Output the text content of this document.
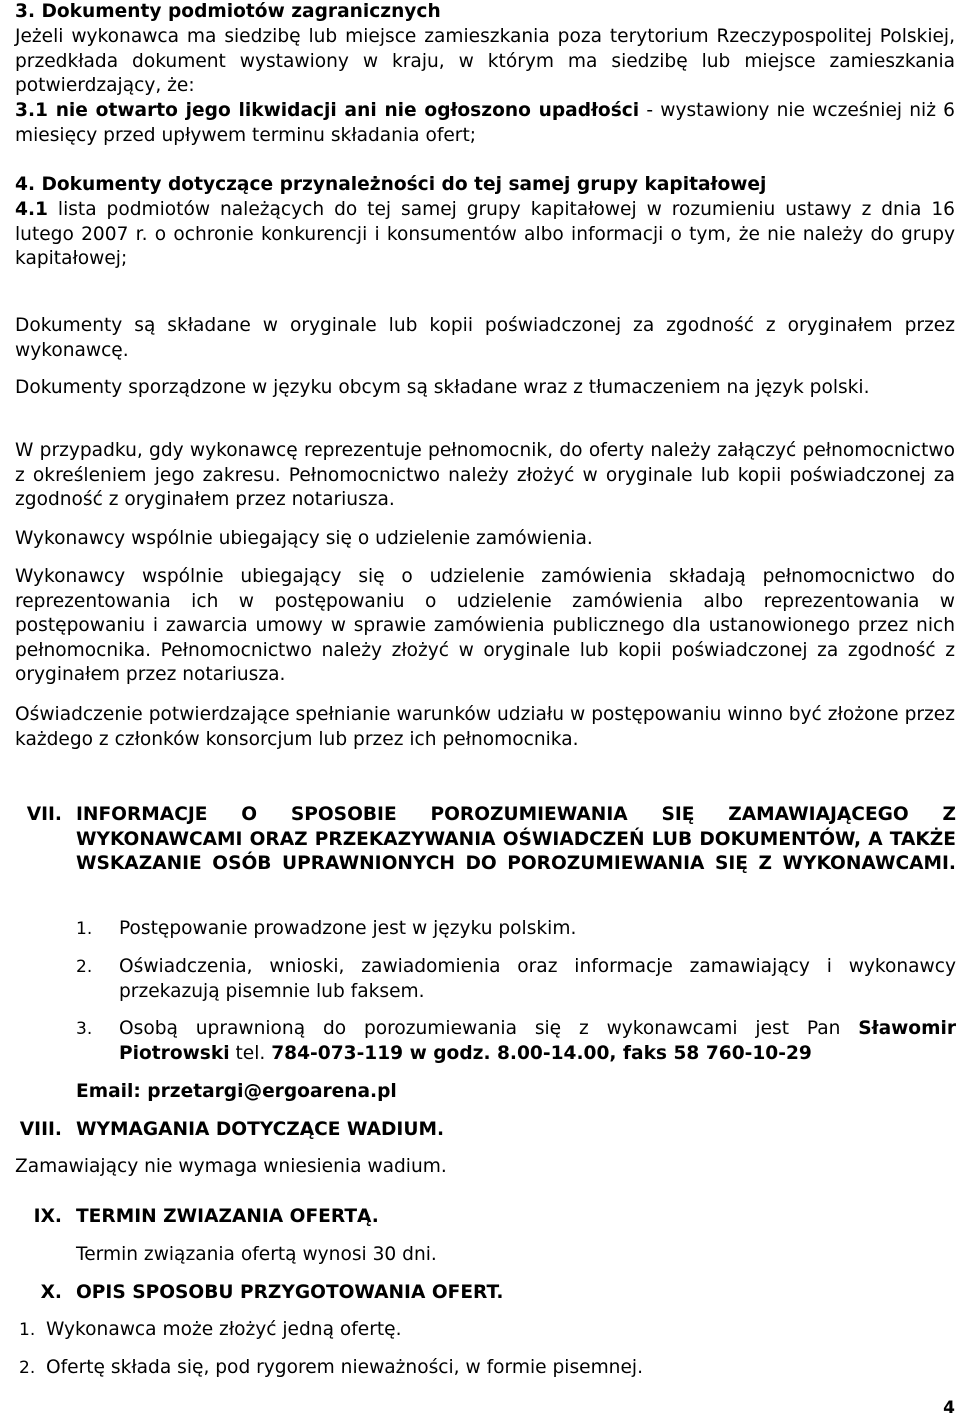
3. Dokumenty podmiotów zagranicznych

Jeżeli wykonawca ma siedzibę lub miejsce zamieszkania poza terytorium Rzeczypospolitej Polskiej, przedkłada dokument wystawiony w kraju, w którym ma siedzibę lub miejsce zamieszkania potwierdzający, że:

3.1 nie otwarto jego likwidacji ani nie ogłoszono upadłości - wystawiony nie wcześniej niż 6 miesięcy przed upływem terminu składania ofert;

4. Dokumenty dotyczące przynależności do tej samej grupy kapitałowej

4.1 lista podmiotów należących do tej samej grupy kapitałowej w rozumieniu ustawy z dnia 16 lutego 2007 r. o ochronie konkurencji i konsumentów albo informacji o tym, że nie należy do grupy kapitałowej;

Dokumenty są składane w oryginale lub kopii poświadczonej za zgodność z oryginałem przez wykonawcę.

Dokumenty sporządzone w języku obcym są składane wraz z tłumaczeniem na język polski.

W przypadku, gdy wykonawcę reprezentuje pełnomocnik, do oferty należy załączyć pełnomocnictwo z określeniem jego zakresu. Pełnomocnictwo należy złożyć w oryginale lub kopii poświadczonej za zgodność z oryginałem przez notariusza.

Wykonawcy wspólnie ubiegający się o udzielenie zamówienia.

Wykonawcy wspólnie ubiegający się o udzielenie zamówienia składają pełnomocnictwo do reprezentowania ich w postępowaniu o udzielenie zamówienia albo reprezentowania w postępowaniu i zawarcia umowy w sprawie zamówienia publicznego dla ustanowionego przez nich pełnomocnika. Pełnomocnictwo należy złożyć w oryginale lub kopii poświadczonej za zgodność z oryginałem przez notariusza.

Oświadczenie potwierdzające spełnianie warunków udziału w postępowaniu winno być złożone przez każdego z członków konsorcjum lub przez ich pełnomocnika.

VII. INFORMACJE O SPOSOBIE POROZUMIEWANIA SIĘ ZAMAWIAJĄCEGO Z WYKONAWCAMI ORAZ PRZEKAZYWANIA OŚWIADCZEŃ LUB DOKUMENTÓW, A TAKŻE WSKAZANIE OSÓB UPRAWNIONYCH DO POROZUMIEWANIA SIĘ Z WYKONAWCAMI.
1. Postępowanie prowadzone jest w języku polskim.
2. Oświadczenia, wnioski, zawiadomienia oraz informacje zamawiający i wykonawcy przekazują pisemnie lub faksem.
3. Osobą uprawnioną do porozumiewania się z wykonawcami jest Pan Sławomir Piotrowski tel. 784-073-119 w godz. 8.00-14.00, faks 58 760-10-29
Email: przetargi@ergoarena.pl
VIII. WYMAGANIA DOTYCZĄCE WADIUM.

Zamawiający nie wymaga wniesienia wadium.

IX. TERMIN ZWIAZANIA OFERTĄ.
Termin związania ofertą wynosi 30 dni.
X. OPIS SPOSOBU PRZYGOTOWANIA OFERT.
1. Wykonawca może złożyć jedną ofertę.
2. Ofertę składa się, pod rygorem nieważności, w formie pisemnej.
4
